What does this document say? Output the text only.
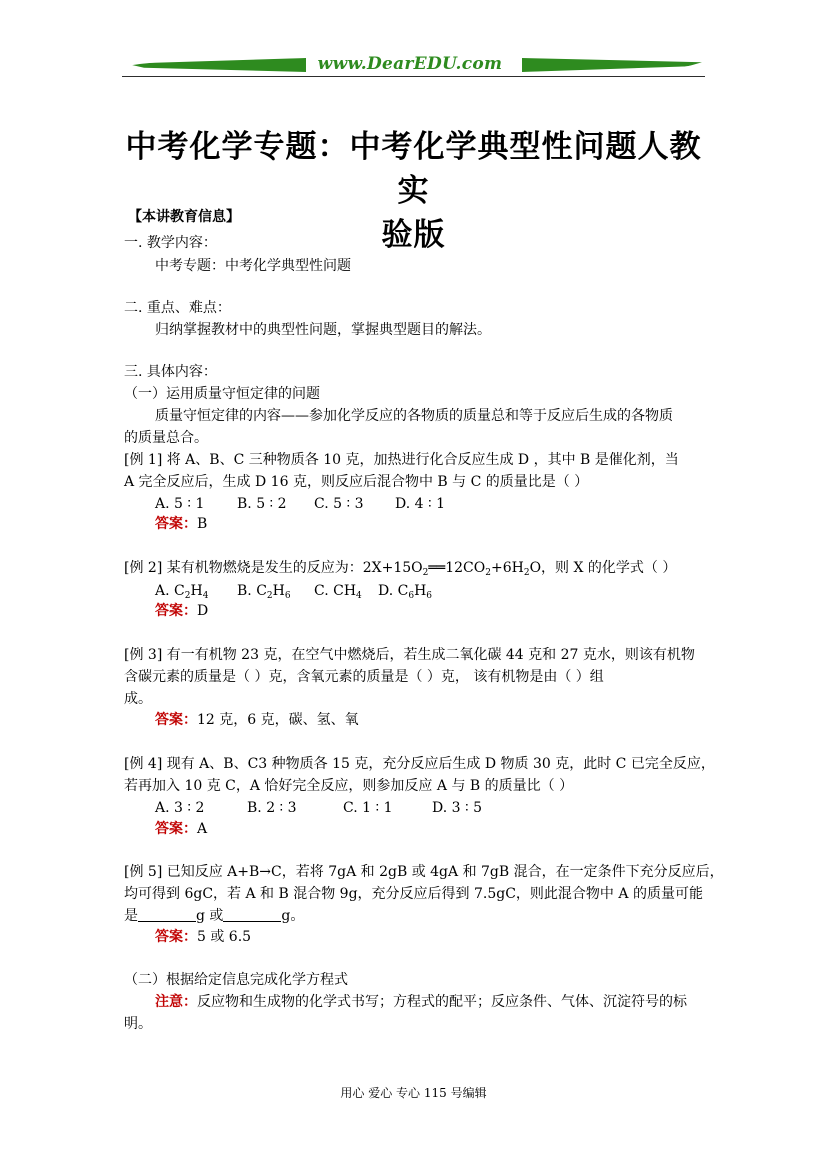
www.DearEDU.com
中考化学专题：中考化学典型性问题人教实
验版
【本讲教育信息】
一. 教学内容：
中考专题：中考化学典型性问题
二. 重点、难点：
归纳掌握教材中的典型性问题，掌握典型题目的解法。
三. 具体内容：
（一）运用质量守恒定律的问题
质量守恒定律的内容——参加化学反应的各物质的质量总和等于反应后生成的各物质
的质量总合。
[例 1] 将 A、B、C 三种物质各 10 克，加热进行化合反应生成 D ，其中 B 是催化剂，当
A 完全反应后，生成 D 16 克，则反应后混合物中 B 与 C 的质量比是（ ）
A. 5 ∶ 1 B. 5 ∶ 2 C. 5 ∶ 3 D. 4 ∶ 1
答案：B
[例 2] 某有机物燃烧是发生的反应为：$2X+15O_2══12CO_2+6H_2O$，则 X 的化学式（ ）
A. $C_2H_4$ B. $C_2H_6$ C. $CH_4$ D. $C_6H_6$
答案：D
[例 3] 有一有机物 23 克，在空气中燃烧后，若生成二氧化碳 44 克和 27 克水，则该有机物
含碳元素的质量是（ ）克，含氧元素的质量是（ ）克， 该有机物是由（ ）组
成。
答案：12 克，6 克，碳、氢、氧
[例 4] 现有 A、B、C3 种物质各 15 克，充分反应后生成 D 物质 30 克，此时 C 已完全反应，
若再加入 10 克 C，A 恰好完全反应，则参加反应 A 与 B 的质量比（ ）
A. 3 ∶ 2	B. 2 ∶ 3	C. 1 ∶ 1	D. 3 ∶ 5
答案：A
[例 5] 已知反应 A+B→C，若将 7gA 和 2gB 或 4gA 和 7gB 混合，在一定条件下充分反应后，
均可得到 6gC，若 A 和 B 混合物 9g，充分反应后得到 7.5gC，则此混合物中 A 的质量可能
是	g 或	g。
答案：5 或 6.5
（二）根据给定信息完成化学方程式
注意：反应物和生成物的化学式书写；方程式的配平；反应条件、气体、沉淀符号的标
明。
用心 爱心 专心 115 号编辑
